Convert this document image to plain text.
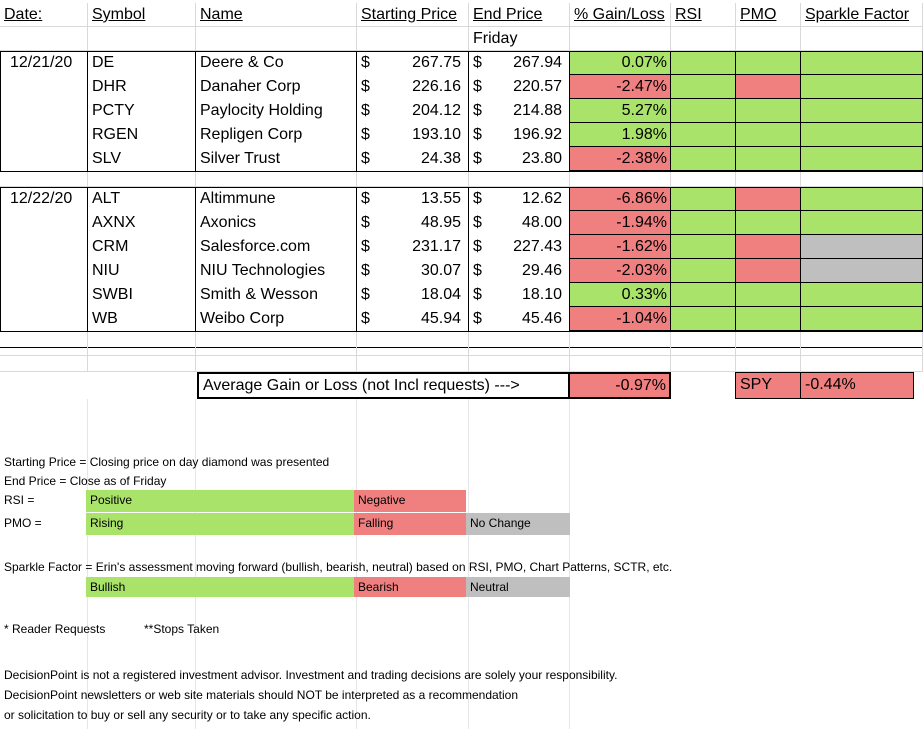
Date:	Symbol	Name	Starting Price End Price	% Gain/Loss RSI	PMO	Sparkle Factor
Friday
12/21/20	DE	Deere & Co	$	267.75 $ 267.94	0.07%
DHR	Danaher Corp	$	226.16 $ 220.57	-2.47%
PCTY	Paylocity Holding	$	204.12 $ 214.88	5.27%
RGEN	Repligen Corp	$	193.10 $ 196.92	1.98%
SLV	Silver Trust	$	24.38 $	23.80	-2.38%
12/22/20	ALT	Altimmune	$	13.55 $	12.62	-6.86%
AXNX	Axonics	$	48.95 $	48.00	-1.94%
CRM	Salesforce.com	$	231.17 $ 227.43	-1.62%
NIU	NIU Technologies	$	30.07 $	29.46	-2.03%
SWBI	Smith & Wesson	$	18.04 $	18.10	0.33%
WB	Weibo Corp	$	45.94 $	45.46	-1.04%
Average Gain or Loss (not Incl requests) --->	-0.97%	SPY	-0.44%
Starting Price = Closing price on day diamond was presented
End Price = Close as of Friday
RSI =	Positive	Negative
PMO =	Rising	Falling	No Change
Sparkle Factor = Erin's assessment moving forward (bullish, bearish, neutral) based on RSI, PMO, Chart Patterns, SCTR, etc.
Bullish	Bearish	Neutral
* Reader Requests	**Stops Taken
DecisionPoint is not a registered investment advisor. Investment and trading decisions are solely your responsibility.
DecisionPoint newsletters or web site materials should NOT be interpreted as a recommendation
or solicitation to buy or sell any security or to take any specific action.
